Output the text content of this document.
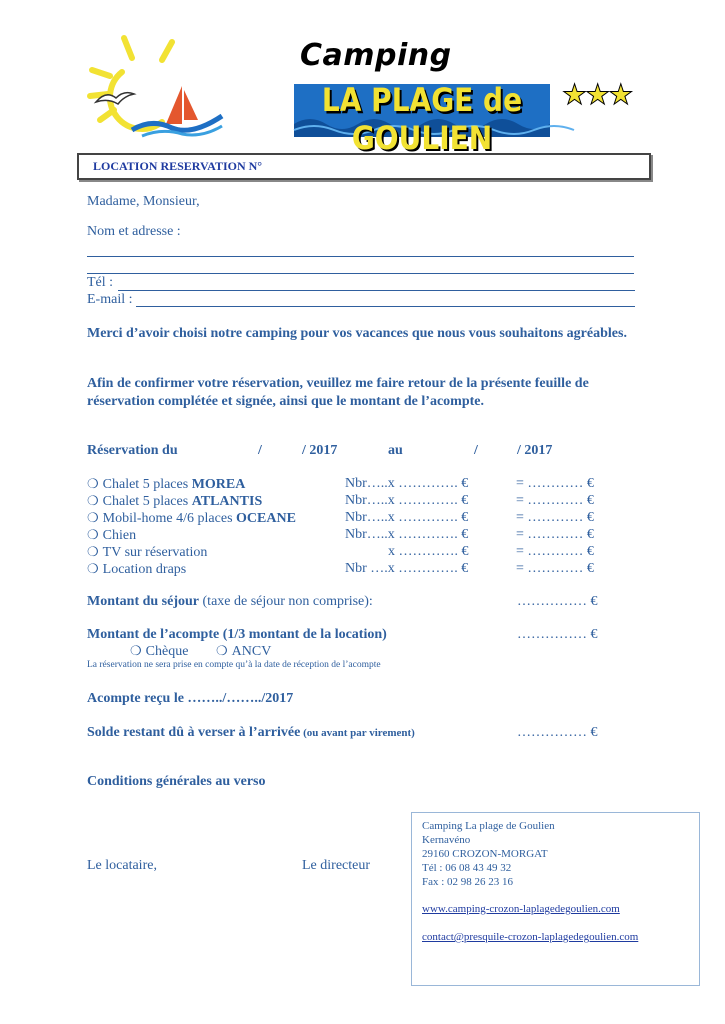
Camping
LA PLAGE de GOULIEN
★★★
LOCATION RESERVATION N°
Madame, Monsieur,
Nom et adresse :
Tél :
E-mail :
Merci d’avoir choisi notre camping pour vos vacances que nous vous souhaitons agréables.
Afin de confirmer votre réservation, veuillez me faire retour de la présente feuille de réservation complétée et signée, ainsi que le montant de l’acompte.
Réservation du	/	/ 2017	au	/	/ 2017
❍ Chalet 5 places MOREA	Nbr…..x …………. €	= ………… €
❍ Chalet 5 places ATLANTIS	Nbr…..x …………. €	= ………… €
❍ Mobil-home 4/6 places OCEANE	Nbr…..x …………. €	= ………… €
❍ Chien	Nbr…..x …………. €	= ………… €
❍ TV sur réservation	x …………. €	= ………… €
❍ Location draps	Nbr ….x …………. €	= ………… €
Montant du séjour (taxe de séjour non comprise):	…………… €
Montant de l’acompte (1/3 montant de la location)	…………… €
❍ Chèque ❍ ANCV
La réservation ne sera prise en compte qu’à la date de réception de l’acompte
Acompte reçu le ……../……../2017
Solde restant dû à verser à l’arrivée (ou avant par virement)	…………… €
Conditions générales au verso
Le locataire,	Le directeur
Camping La plage de Goulien
Kernavéno
29160 CROZON-MORGAT
Tél : 06 08 43 49 32
Fax : 02 98 26 23 16
www.camping-crozon-laplagedegoulien.com
contact@presquile-crozon-laplagedegoulien.com
